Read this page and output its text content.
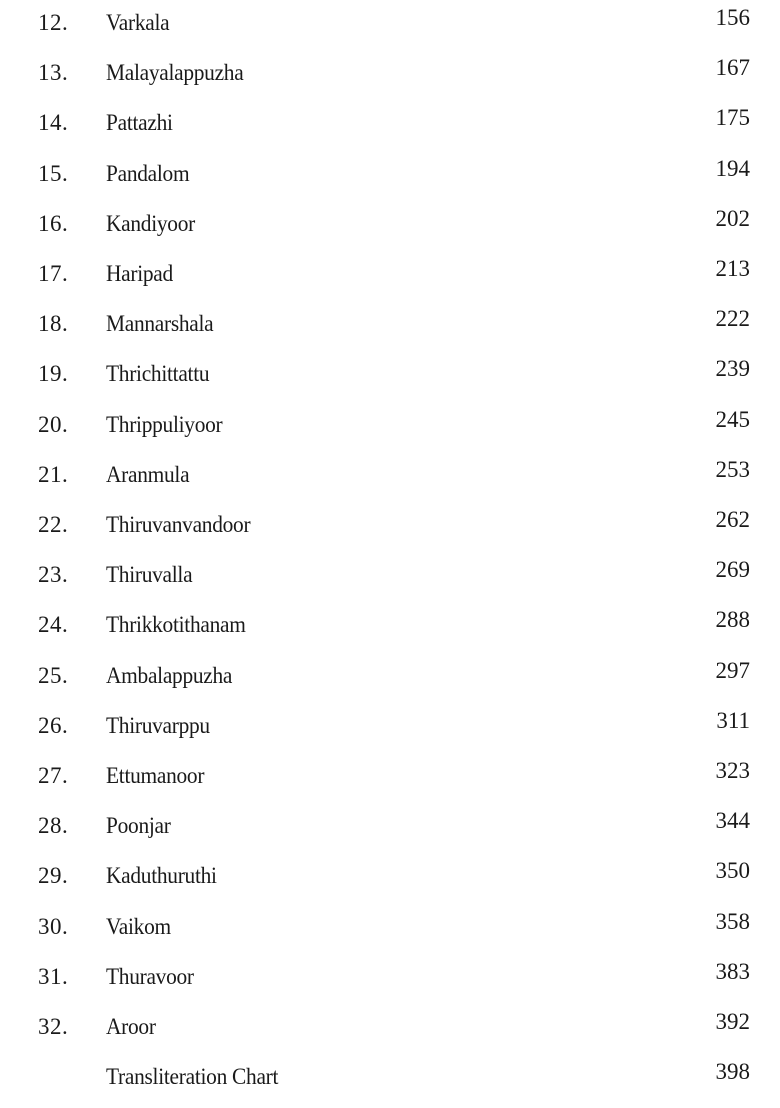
12. Varkala	156
13. Malayalappuzha	167
14. Pattazhi	175
15. Pandalom	194
16. Kandiyoor	202
17. Haripad	213
18. Mannarshala	222
19. Thrichittattu	239
20. Thrippuliyoor	245
21. Aranmula	253
22. Thiruvanvandoor	262
23. Thiruvalla	269
24. Thrikkotithanam	288
25. Ambalappuzha	297
26. Thiruvarppu	311
27. Ettumanoor	323
28. Poonjar	344
29. Kaduthuruthi	350
30. Vaikom	358
31. Thuravoor	383
32. Aroor	392
Transliteration Chart	398
